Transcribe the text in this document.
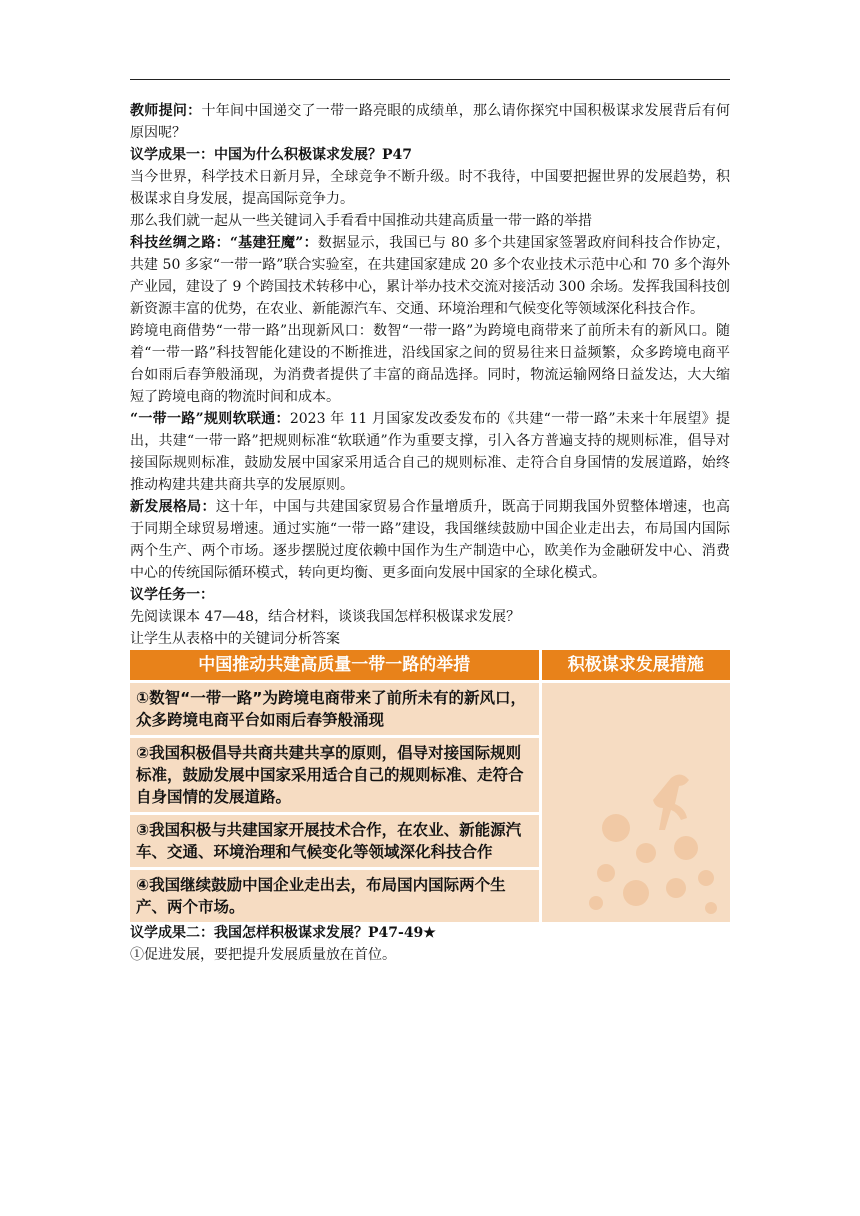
教师提问：十年间中国递交了一带一路亮眼的成绩单，那么请你探究中国积极谋求发展背后有何原因呢？

议学成果一：中国为什么积极谋求发展？P47

当今世界，科学技术日新月异，全球竞争不断升级。时不我待，中国要把握世界的发展趋势，积极谋求自身发展，提高国际竞争力。

那么我们就一起从一些关键词入手看看中国推动共建高质量一带一路的举措

科技丝绸之路：“基建狂魔”：数据显示，我国已与 80 多个共建国家签署政府间科技合作协定，共建 50 多家“一带一路”联合实验室，在共建国家建成 20 多个农业技术示范中心和 70 多个海外产业园，建设了 9 个跨国技术转移中心，累计举办技术交流对接活动 300 余场。发挥我国科技创新资源丰富的优势，在农业、新能源汽车、交通、环境治理和气候变化等领域深化科技合作。

跨境电商借势“一带一路”出现新风口：数智“一带一路”为跨境电商带来了前所未有的新风口。随着“一带一路”科技智能化建设的不断推进，沿线国家之间的贸易往来日益频繁，众多跨境电商平台如雨后春笋般涌现，为消费者提供了丰富的商品选择。同时，物流运输网络日益发达，大大缩短了跨境电商的物流时间和成本。

“一带一路”规则软联通：2023 年 11 月国家发改委发布的《共建“一带一路”未来十年展望》提出，共建“一带一路”把规则标准“软联通”作为重要支撑，引入各方普遍支持的规则标准，倡导对接国际规则标准，鼓励发展中国家采用适合自己的规则标准、走符合自身国情的发展道路，始终推动构建共建共商共享的发展原则。

新发展格局：这十年，中国与共建国家贸易合作量增质升，既高于同期我国外贸整体增速，也高于同期全球贸易增速。通过实施“一带一路”建设，我国继续鼓励中国企业走出去，布局国内国际两个生产、两个市场。逐步摆脱过度依赖中国作为生产制造中心，欧美作为金融研发中心、消费中心的传统国际循环模式，转向更均衡、更多面向发展中国家的全球化模式。

议学任务一：

先阅读课本 47—48，结合材料，谈谈我国怎样积极谋求发展？

让学生从表格中的关键词分析答案

中国推动共建高质量一带一路的举措	积极谋求发展措施
①数智“一带一路”为跨境电商带来了前所未有的新风口，众多跨境电商平台如雨后春笋般涌现	

②我国积极倡导共商共建共享的原则，倡导对接国际规则标准，鼓励发展中国家采用适合自己的规则标准、走符合自身国情的发展道路。	
③我国积极与共建国家开展技术合作，在农业、新能源汽车、交通、环境治理和气候变化等领域深化科技合作	
④我国继续鼓励中国企业走出去，布局国内国际两个生产、两个市场。	

议学成果二：我国怎样积极谋求发展？P47-49★

①促进发展，要把提升发展质量放在首位。
